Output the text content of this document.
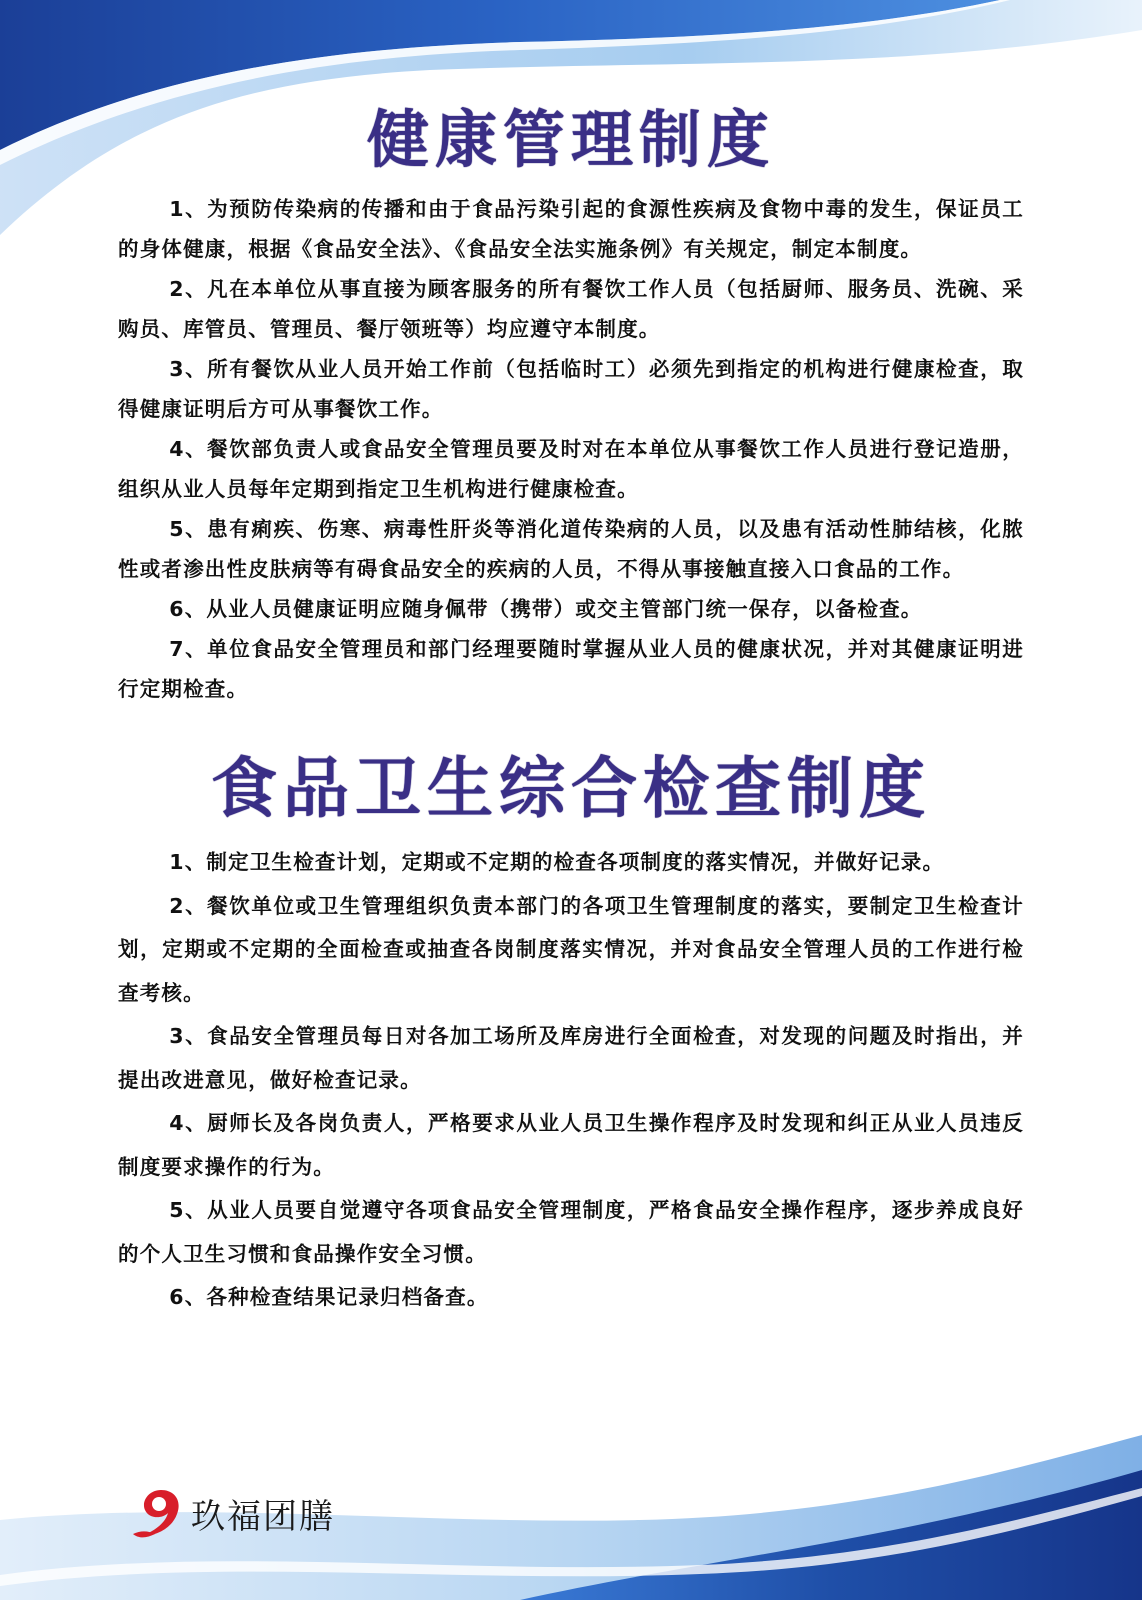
健康管理制度

1、为预防传染病的传播和由于食品污染引起的食源性疾病及食物中毒的发生，保证员工的身体健康，根据《食品安全法》、《食品安全法实施条例》有关规定，制定本制度。

2、凡在本单位从事直接为顾客服务的所有餐饮工作人员（包括厨师、服务员、洗碗、采购员、库管员、管理员、餐厅领班等）均应遵守本制度。

3、所有餐饮从业人员开始工作前（包括临时工）必须先到指定的机构进行健康检查，取得健康证明后方可从事餐饮工作。

4、餐饮部负责人或食品安全管理员要及时对在本单位从事餐饮工作人员进行登记造册，组织从业人员每年定期到指定卫生机构进行健康检查。

5、患有痢疾、伤寒、病毒性肝炎等消化道传染病的人员，以及患有活动性肺结核，化脓性或者渗出性皮肤病等有碍食品安全的疾病的人员，不得从事接触直接入口食品的工作。

6、从业人员健康证明应随身佩带（携带）或交主管部门统一保存，以备检查。

7、单位食品安全管理员和部门经理要随时掌握从业人员的健康状况，并对其健康证明进行定期检查。

食品卫生综合检查制度

1、制定卫生检查计划，定期或不定期的检查各项制度的落实情况，并做好记录。

2、餐饮单位或卫生管理组织负责本部门的各项卫生管理制度的落实，要制定卫生检查计划，定期或不定期的全面检查或抽查各岗制度落实情况，并对食品安全管理人员的工作进行检查考核。

3、食品安全管理员每日对各加工场所及库房进行全面检查，对发现的问题及时指出，并提出改进意见，做好检查记录。

4、厨师长及各岗负责人，严格要求从业人员卫生操作程序及时发现和纠正从业人员违反制度要求操作的行为。

5、从业人员要自觉遵守各项食品安全管理制度，严格食品安全操作程序，逐步养成良好的个人卫生习惯和食品操作安全习惯。

6、各种检查结果记录归档备查。

玖福团膳
